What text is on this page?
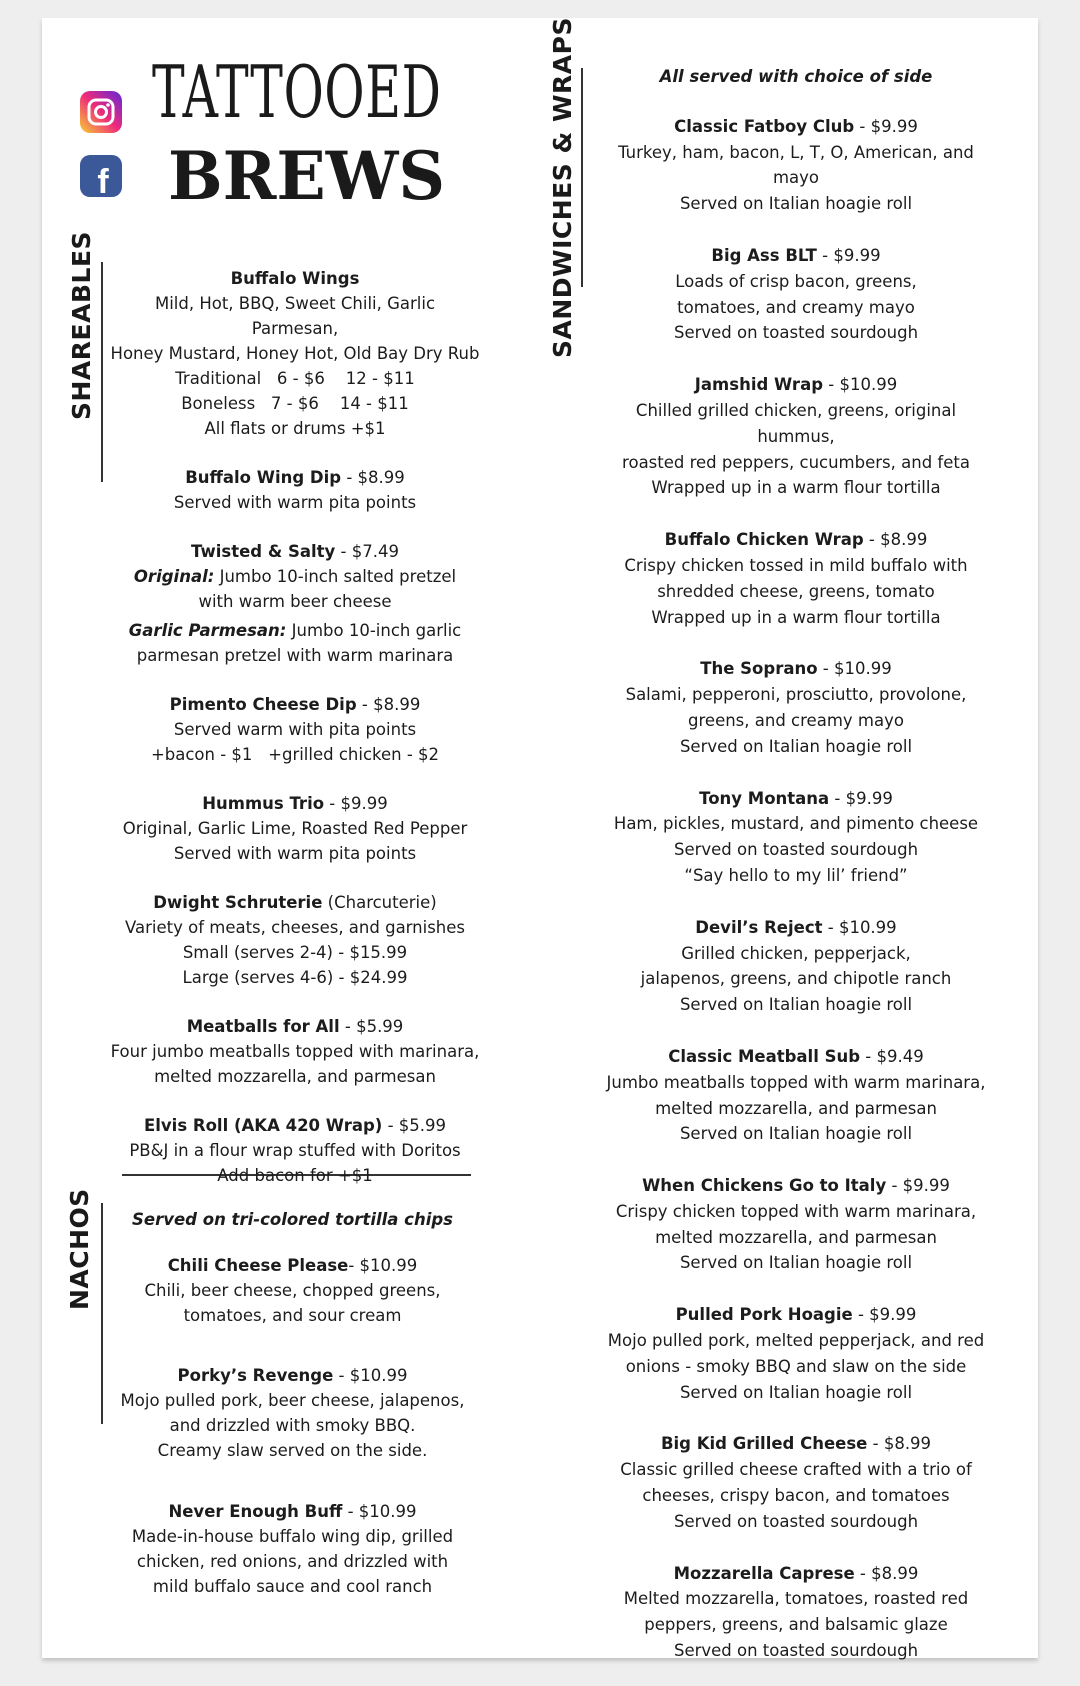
f
TATTOOED
BREWS
SHAREABLES
NACHOS
SANDWICHES & WRAPS
Buffalo Wings
Mild, Hot, BBQ, Sweet Chili, Garlic Parmesan,
Honey Mustard, Honey Hot, Old Bay Dry Rub
Traditional   6 - $6    12 - $11
Boneless   7 - $6    14 - $11
All flats or drums +$1
Buffalo Wing Dip - $8.99
Served with warm pita points
Twisted & Salty - $7.49
Original: Jumbo 10-inch salted pretzel
with warm beer cheese
Garlic Parmesan: Jumbo 10-inch garlic
parmesan pretzel with warm marinara
Pimento Cheese Dip - $8.99
Served warm with pita points
+bacon - $1   +grilled chicken - $2
Hummus Trio - $9.99
Original, Garlic Lime, Roasted Red Pepper
Served with warm pita points
Dwight Schruterie (Charcuterie)
Variety of meats, cheeses, and garnishes
Small (serves 2-4) - $15.99
Large (serves 4-6) - $24.99
Meatballs for All - $5.99
Four jumbo meatballs topped with marinara,
melted mozzarella, and parmesan
Elvis Roll (AKA 420 Wrap) - $5.99
PB&J in a flour wrap stuffed with Doritos
Add bacon for +$1
Served on tri-colored tortilla chips
Chili Cheese Please- $10.99
Chili, beer cheese, chopped greens,
tomatoes, and sour cream
Porky’s Revenge - $10.99
Mojo pulled pork, beer cheese, jalapenos,
and drizzled with smoky BBQ.
Creamy slaw served on the side.
Never Enough Buff - $10.99
Made-in-house buffalo wing dip, grilled
chicken, red onions, and drizzled with
mild buffalo sauce and cool ranch
All served with choice of side
Classic Fatboy Club - $9.99
Turkey, ham, bacon, L, T, O, American, and mayo
Served on Italian hoagie roll
Big Ass BLT - $9.99
Loads of crisp bacon, greens,
tomatoes, and creamy mayo
Served on toasted sourdough
Jamshid Wrap - $10.99
Chilled grilled chicken, greens, original hummus,
roasted red peppers, cucumbers, and feta
Wrapped up in a warm flour tortilla
Buffalo Chicken Wrap - $8.99
Crispy chicken tossed in mild buffalo with
shredded cheese, greens, tomato
Wrapped up in a warm flour tortilla
The Soprano - $10.99
Salami, pepperoni, prosciutto, provolone,
greens, and creamy mayo
Served on Italian hoagie roll
Tony Montana - $9.99
Ham, pickles, mustard, and pimento cheese
Served on toasted sourdough
“Say hello to my lil’ friend”
Devil’s Reject - $10.99
Grilled chicken, pepperjack,
jalapenos, greens, and chipotle ranch
Served on Italian hoagie roll
Classic Meatball Sub - $9.49
Jumbo meatballs topped with warm marinara,
melted mozzarella, and parmesan
Served on Italian hoagie roll
When Chickens Go to Italy - $9.99
Crispy chicken topped with warm marinara,
melted mozzarella, and parmesan
Served on Italian hoagie roll
Pulled Pork Hoagie - $9.99
Mojo pulled pork, melted pepperjack, and red
onions - smoky BBQ and slaw on the side
Served on Italian hoagie roll
Big Kid Grilled Cheese - $8.99
Classic grilled cheese crafted with a trio of
cheeses, crispy bacon, and tomatoes
Served on toasted sourdough
Mozzarella Caprese - $8.99
Melted mozzarella, tomatoes, roasted red
peppers, greens, and balsamic glaze
Served on toasted sourdough
